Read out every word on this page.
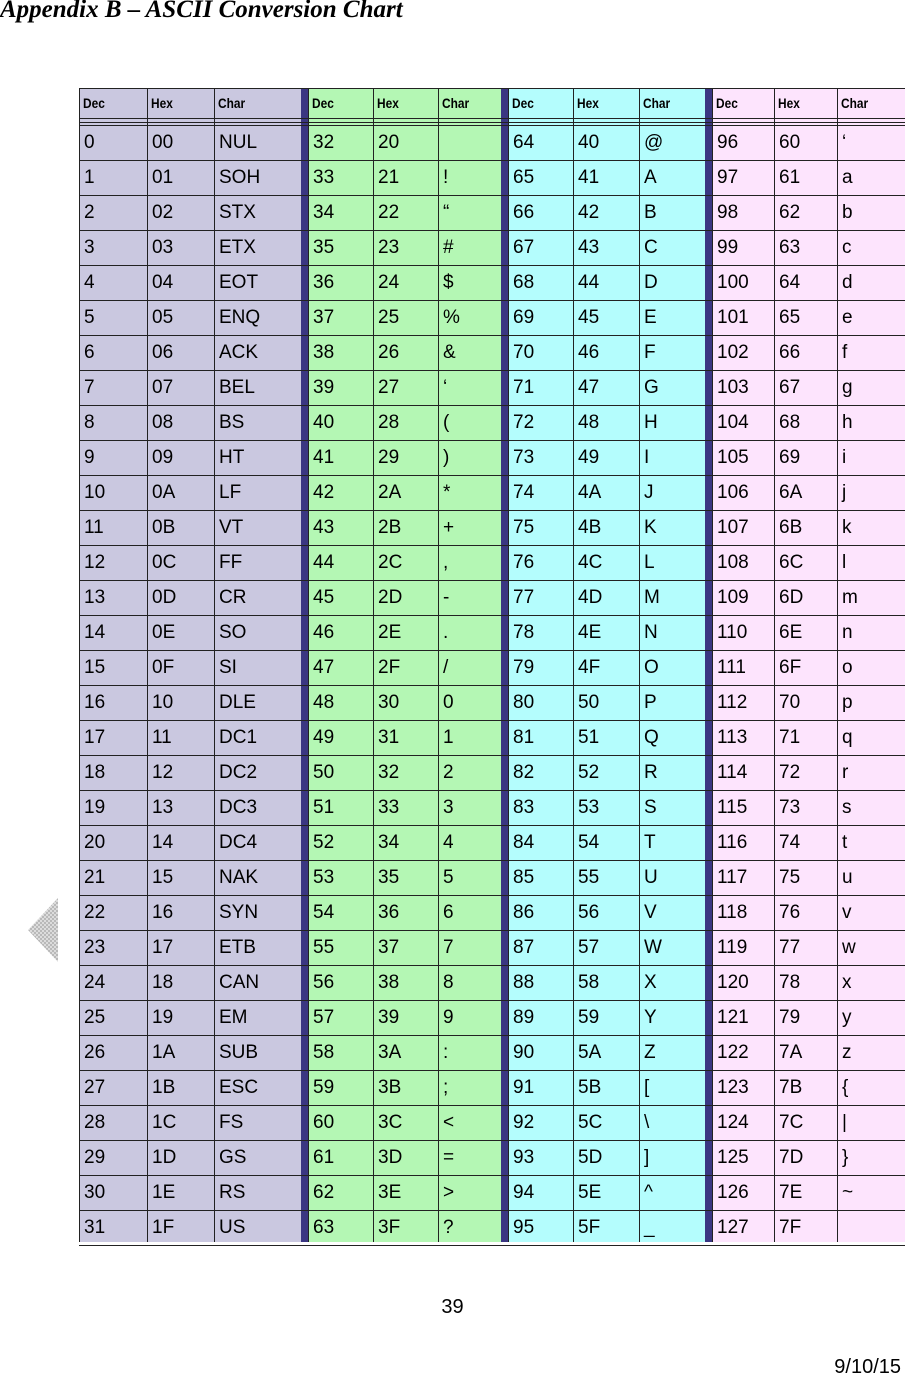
Appendix B – ASCII Conversion Chart
Dec	Hex	Char
0	00 NUL
1	01 SOH
2	02 STX
3	03 ETX
4	04 EOT
5	05 ENQ
6	06 ACK
7	07 BEL
8	08 BS
9	09 HT
10 0A LF
11	0B VT
12 0C FF
13 0D CR
14 0E SO
15 0F SI
16 10 DLE
17 11 DC1
18 12 DC2
19 13 DC3
20 14 DC4
21 15 NAK
22 16 SYN
23 17 ETB
24 18 CAN
25 19 EM
26 1A SUB
27 1B ESC
28 1C FS
29 1D GS
30 1E RS
31 1F US
Dec	Hex	Char
32 20
33 21 !
34 22 “
35 23 #
36 24 $
37 25 %
38 26 &
39 27 ‘
40 28 (
41 29 )
42 2A *
43 2B +
44 2C ,
45 2D -
46 2E .
47 2F /
48 30 0
49 31 1
50 32 2
51 33 3
52 34 4
53 35 5
54 36 6
55 37 7
56 38 8
57 39 9
58 3A :
59 3B ;
60 3C <
61 3D =
62 3E >
63 3F ?
Dec	Hex	Char
64 40 @
65 41 A
66 42 B
67 43 C
68 44 D
69 45 E
70 46 F
71 47 G
72 48 H
73 49 I
74 4A J
75 4B K
76 4C L
77 4D M
78 4E N
79 4F O
80 50 P
81 51 Q
82 52 R
83 53 S
84 54 T
85 55 U
86 56 V
87 57 W
88 58 X
89 59 Y
90 5A Z
91 5B [
92 5C \
93 5D ]
94 5E ^
95 5F _
Dec	Hex	Char
96 60 ‘
97 61 a
98 62 b
99 63 c
100 64 d
101 65 e
102 66 f
103 67 g
104 68 h
105 69 i
106 6A j
107 6B k
108 6C l
109 6D m
110 6E n
111 6F o
112 70 p
113 71 q
114 72 r
115 73 s
116 74 t
117 75 u
118 76 v
119 77 w
120 78 x
121 79 y
122 7A z
123 7B {
124 7C |
125 7D }
126 7E ~
127 7F
39
9/10/15
